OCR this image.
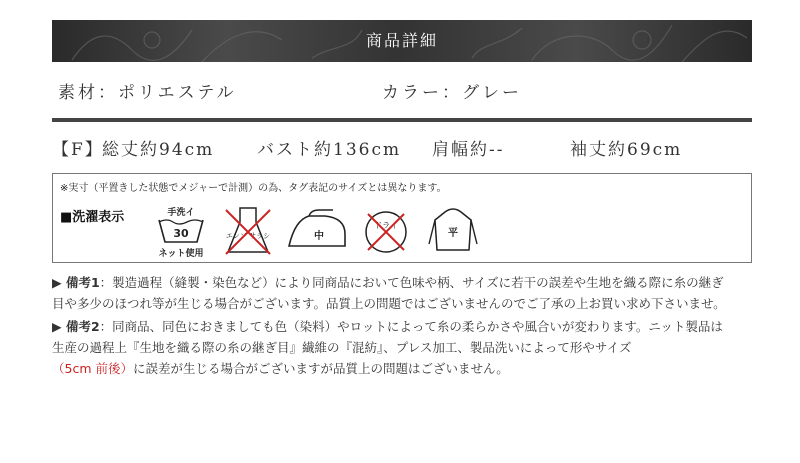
商品詳細
素材：ポリエステル	カラー：グレー
【F】
総丈約94cm	バスト約136cm 肩幅約--	袖丈約69cm
※実寸（平置きした状態でメジャーで計測）の為、タグ表記のサイズとは異なります。
■洗濯表示	手洗イ
30
ネット使用
エンソ サラシ	中
ドライ
平

▶ 備考1：製造過程（縫製・染色など）により同商品において色味や柄、サイズに若干の誤差や生地を織る際に糸の継ぎ
目や多少のほつれ等が生じる場合がございます。品質上の問題ではございませんのでご了承の上お買い求め下さいませ。

▶ 備考2：同商品、同色におきましても色（染料）やロットによって糸の柔らかさや風合いが変わります。ニット製品は
生産の過程上『生地を織る際の糸の継ぎ目』繊維の『混紡』、プレス加工、製品洗いによって形やサイズ
（5cm 前後）に誤差が生じる場合がございますが品質上の問題はございません。
